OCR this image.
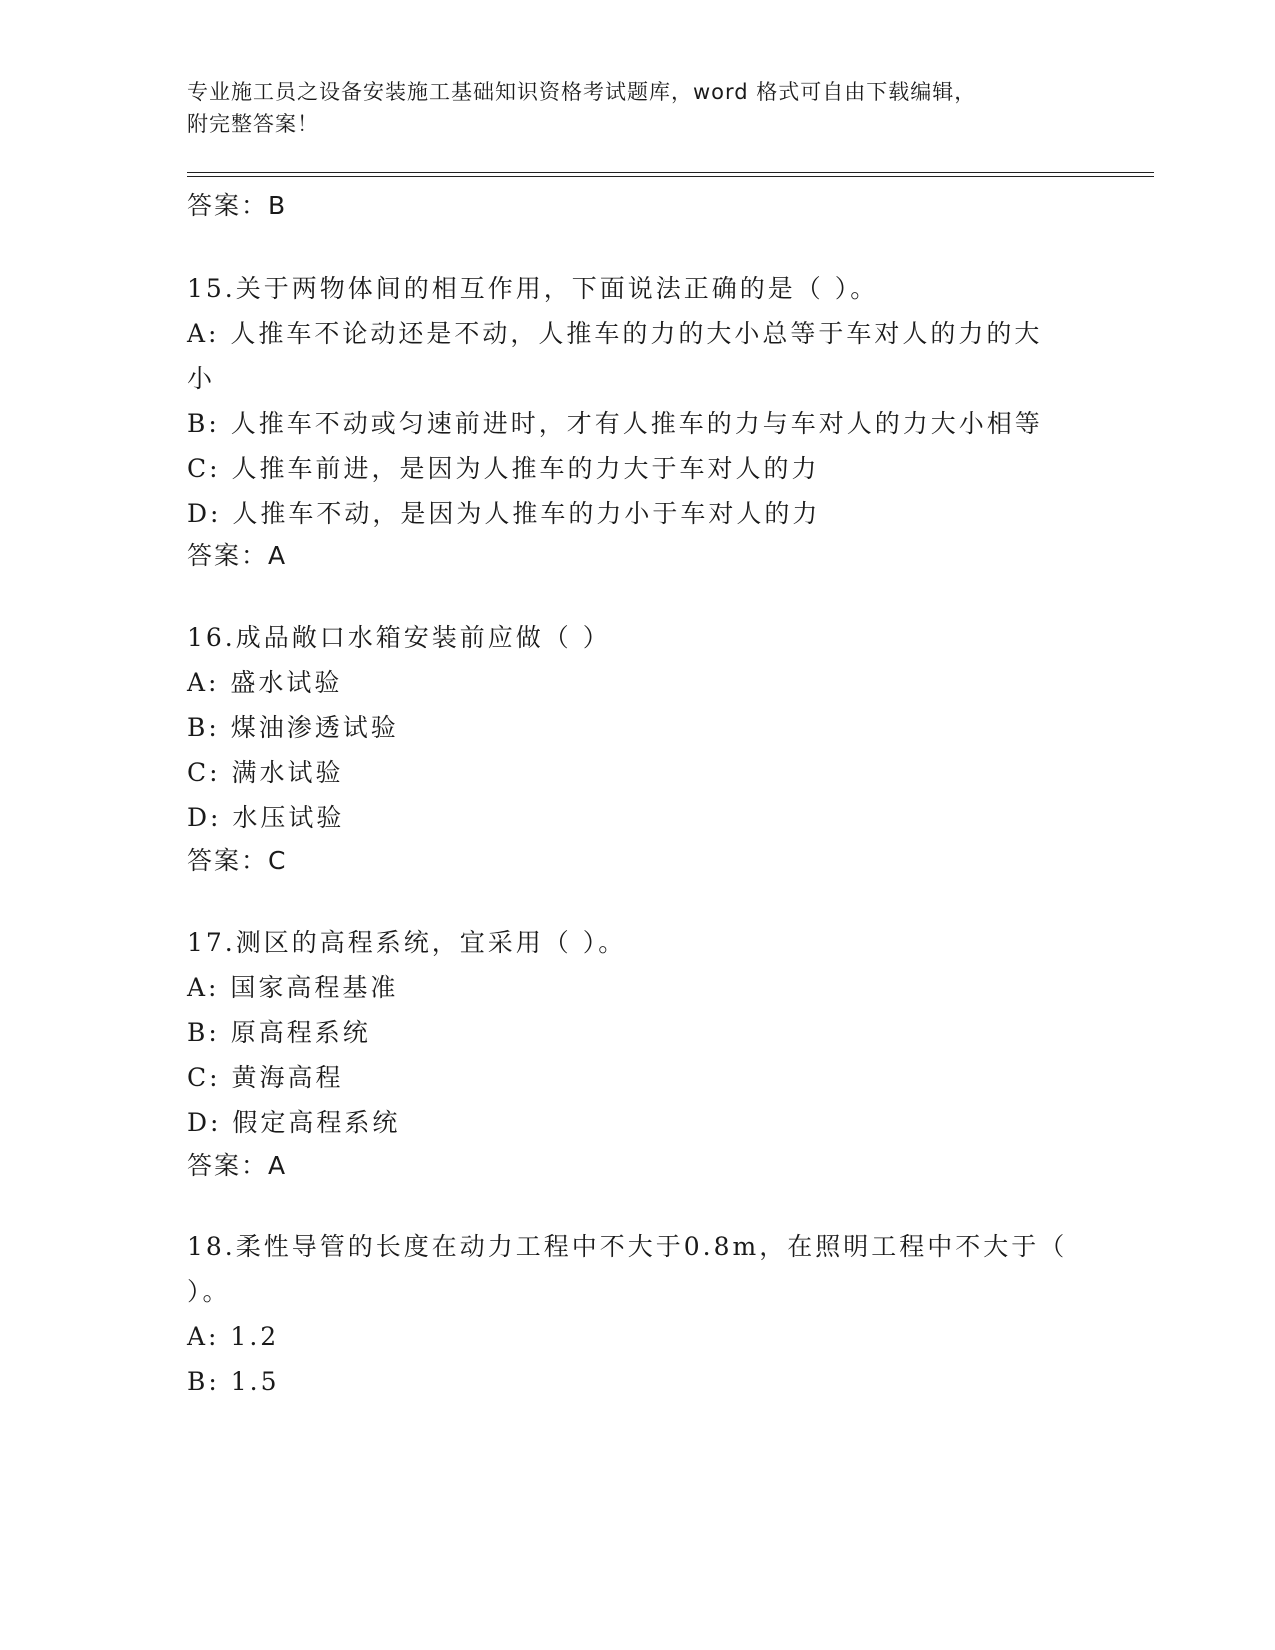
专业施工员之设备安装施工基础知识资格考试题库，word 格式可自由下载编辑，
附完整答案！
答案：B
15.关于两物体间的相互作用，下面说法正确的是（ ）。
A: 人推车不论动还是不动，人推车的力的大小总等于车对人的力的大
小
B: 人推车不动或匀速前进时，才有人推车的力与车对人的力大小相等
C: 人推车前进，是因为人推车的力大于车对人的力
D: 人推车不动，是因为人推车的力小于车对人的力
答案：A
16.成品敞口水箱安装前应做（ ）
A: 盛水试验
B: 煤油渗透试验
C: 满水试验
D: 水压试验
答案：C
17.测区的高程系统，宜采用（ ）。
A: 国家高程基准
B: 原高程系统
C: 黄海高程
D: 假定高程系统
答案：A
18.柔性导管的长度在动力工程中不大于0.8m，在照明工程中不大于（
）。
A: 1.2
B: 1.5
